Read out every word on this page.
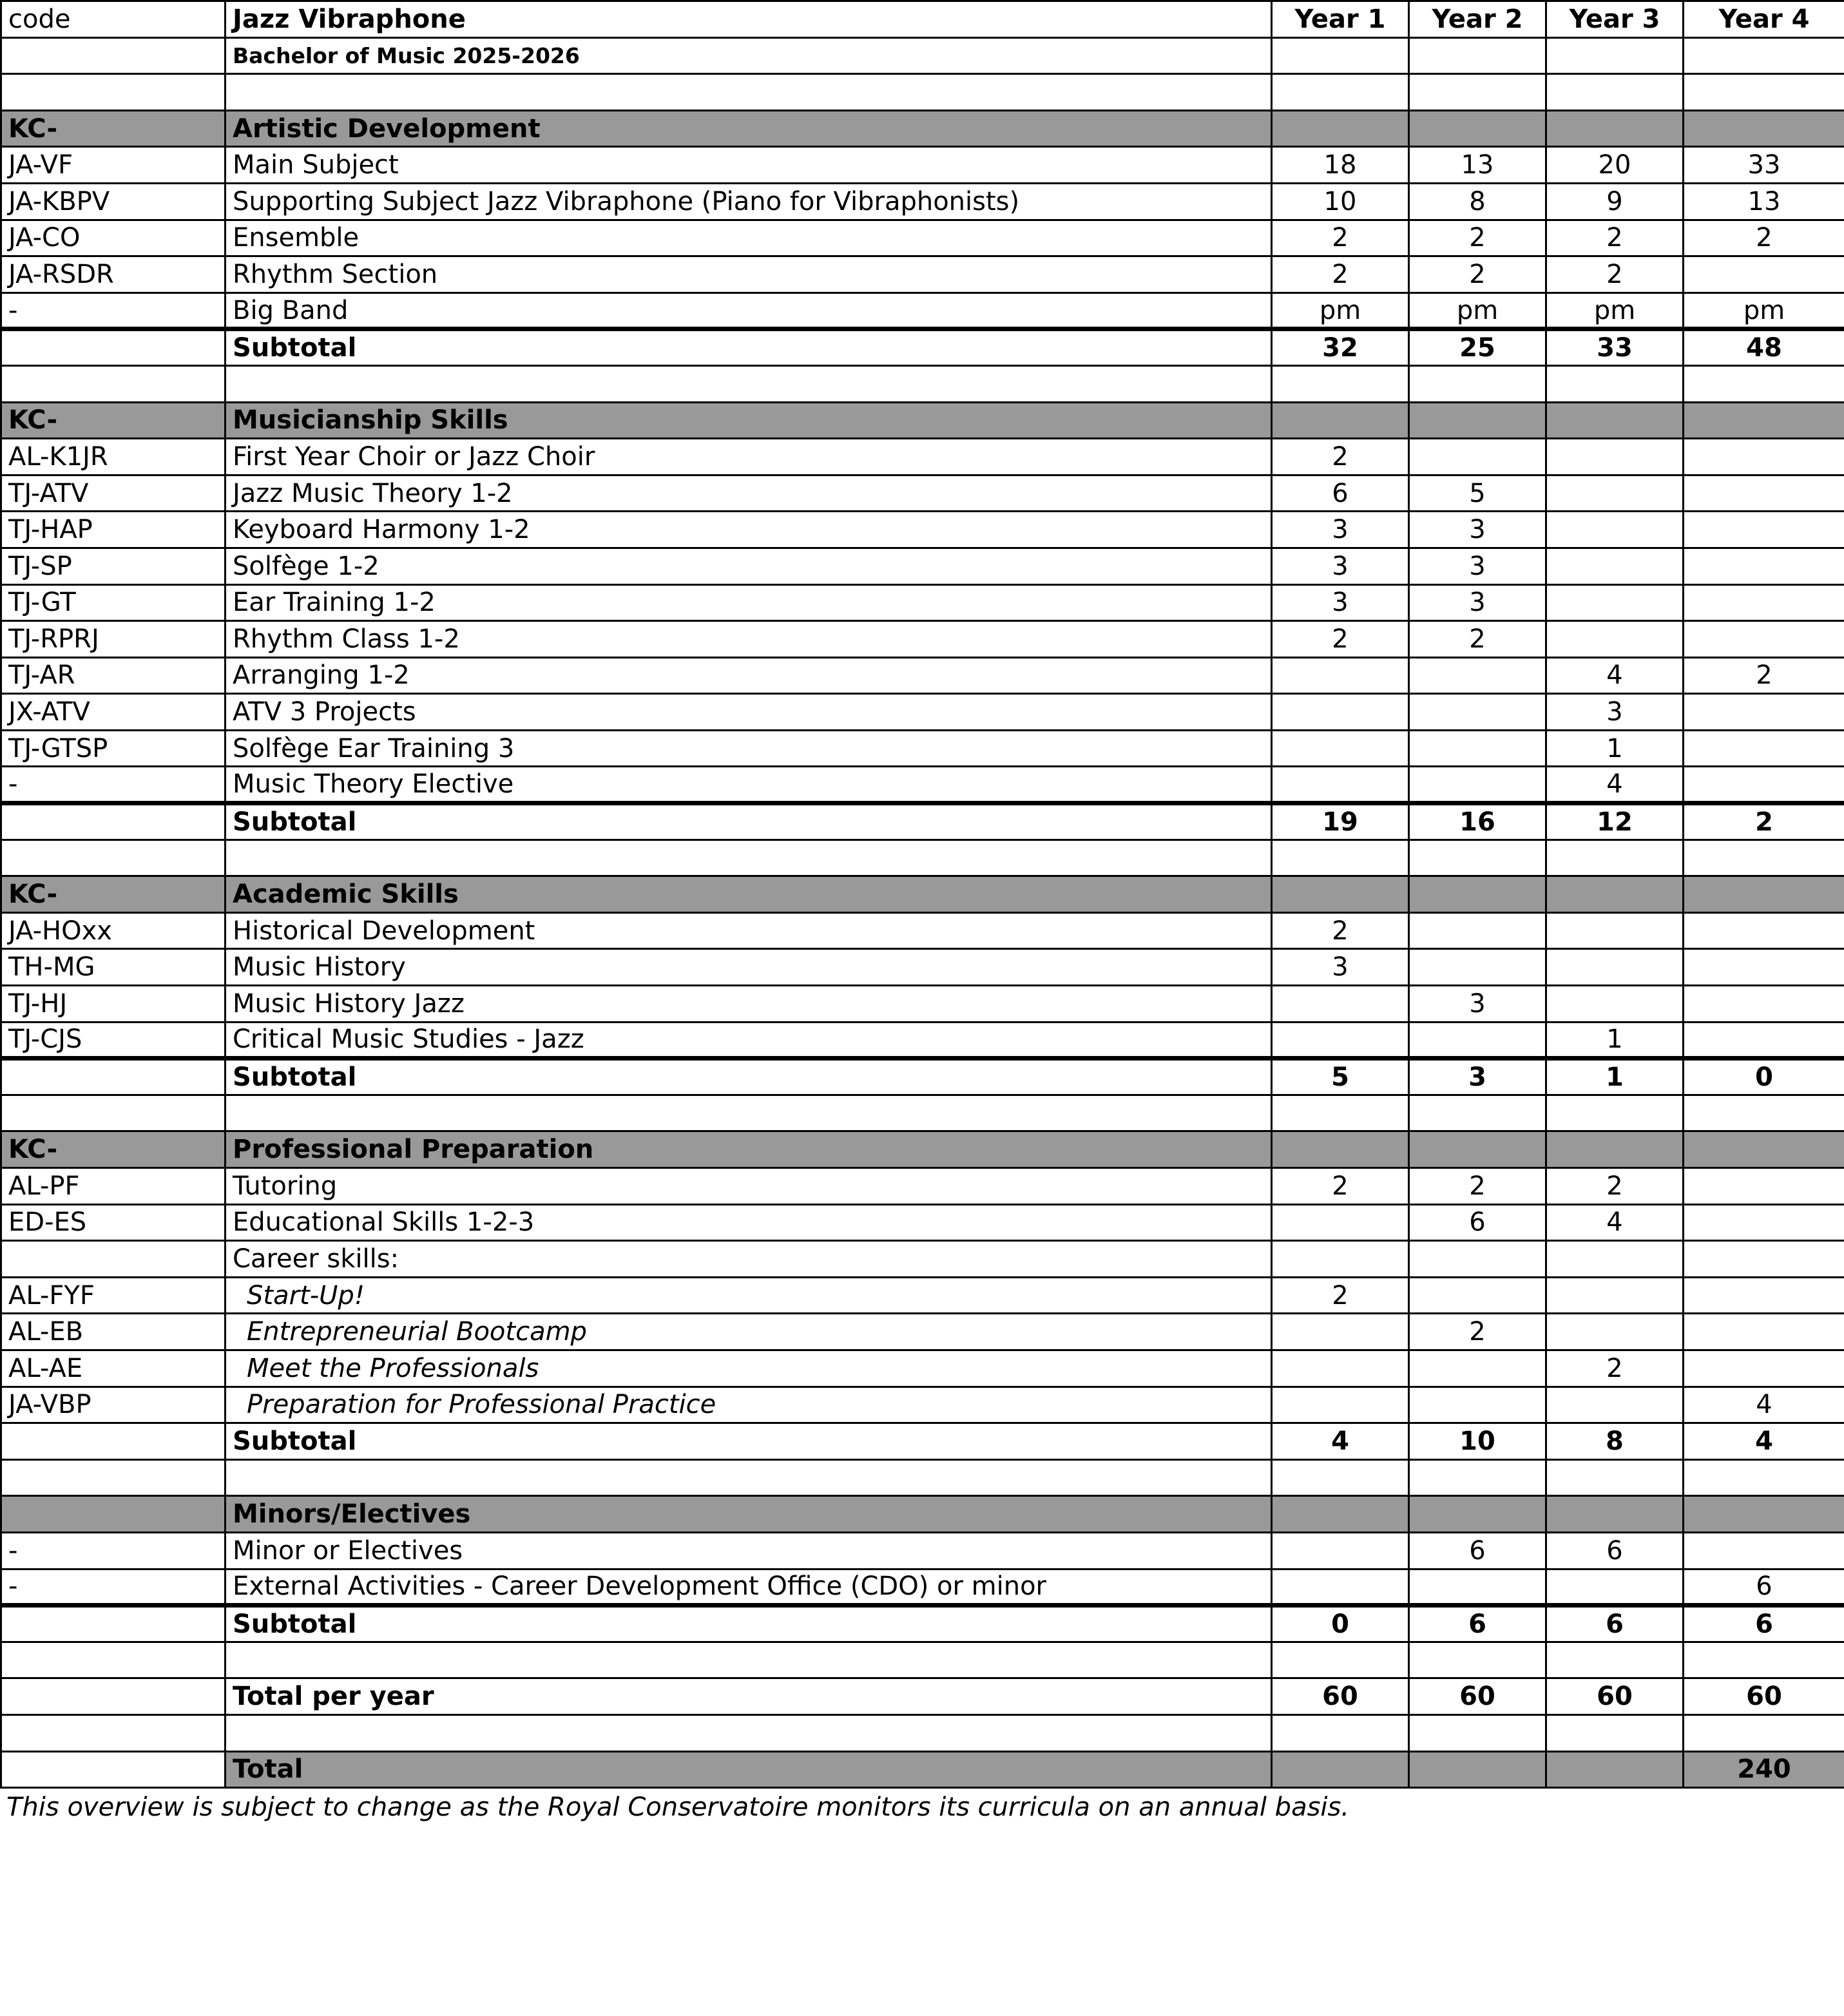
code	Jazz Vibraphone	Year 1	Year 2	Year 3	Year 4
	Bachelor of Music 2025-2026				

KC-	Artistic Development				
JA-VF	Main Subject	18	13	20	33
JA-KBPV	Supporting Subject Jazz Vibraphone (Piano for Vibraphonists)	10	8	9	13
JA-CO	Ensemble	2	2	2	2
JA-RSDR	Rhythm Section	2	2	2	
-	Big Band	pm	pm	pm	pm
	Subtotal	32	25	33	48

KC-	Musicianship Skills				
AL-K1JR	First Year Choir or Jazz Choir	2			
TJ-ATV	Jazz Music Theory 1-2	6	5		
TJ-HAP	Keyboard Harmony 1-2	3	3		
TJ-SP	Solfège 1-2	3	3		
TJ-GT	Ear Training 1-2	3	3		
TJ-RPRJ	Rhythm Class 1-2	2	2		
TJ-AR	Arranging 1-2			4	2
JX-ATV	ATV 3 Projects			3	
TJ-GTSP	Solfège Ear Training 3			1	
-	Music Theory Elective			4	
	Subtotal	19	16	12	2

KC-	Academic Skills				
JA-HOxx	Historical Development	2			
TH-MG	Music History	3			
TJ-HJ	Music History Jazz		3		
TJ-CJS	Critical Music Studies - Jazz			1	
	Subtotal	5	3	1	0

KC-	Professional Preparation				
AL-PF	Tutoring	2	2	2	
ED-ES	Educational Skills 1-2-3		6	4	
	Career skills:				
AL-FYF	Start-Up!	2			
AL-EB	Entrepreneurial Bootcamp		2		
AL-AE	Meet the Professionals			2	
JA-VBP	Preparation for Professional Practice				4
	Subtotal	4	10	8	4

	Minors/Electives				
-	Minor or Electives		6	6	
-	External Activities - Career Development Office (CDO) or minor				6
	Subtotal	0	6	6	6

	Total per year	60	60	60	60

	Total				240
This overview is subject to change as the Royal Conservatoire monitors its curricula on an annual basis.
